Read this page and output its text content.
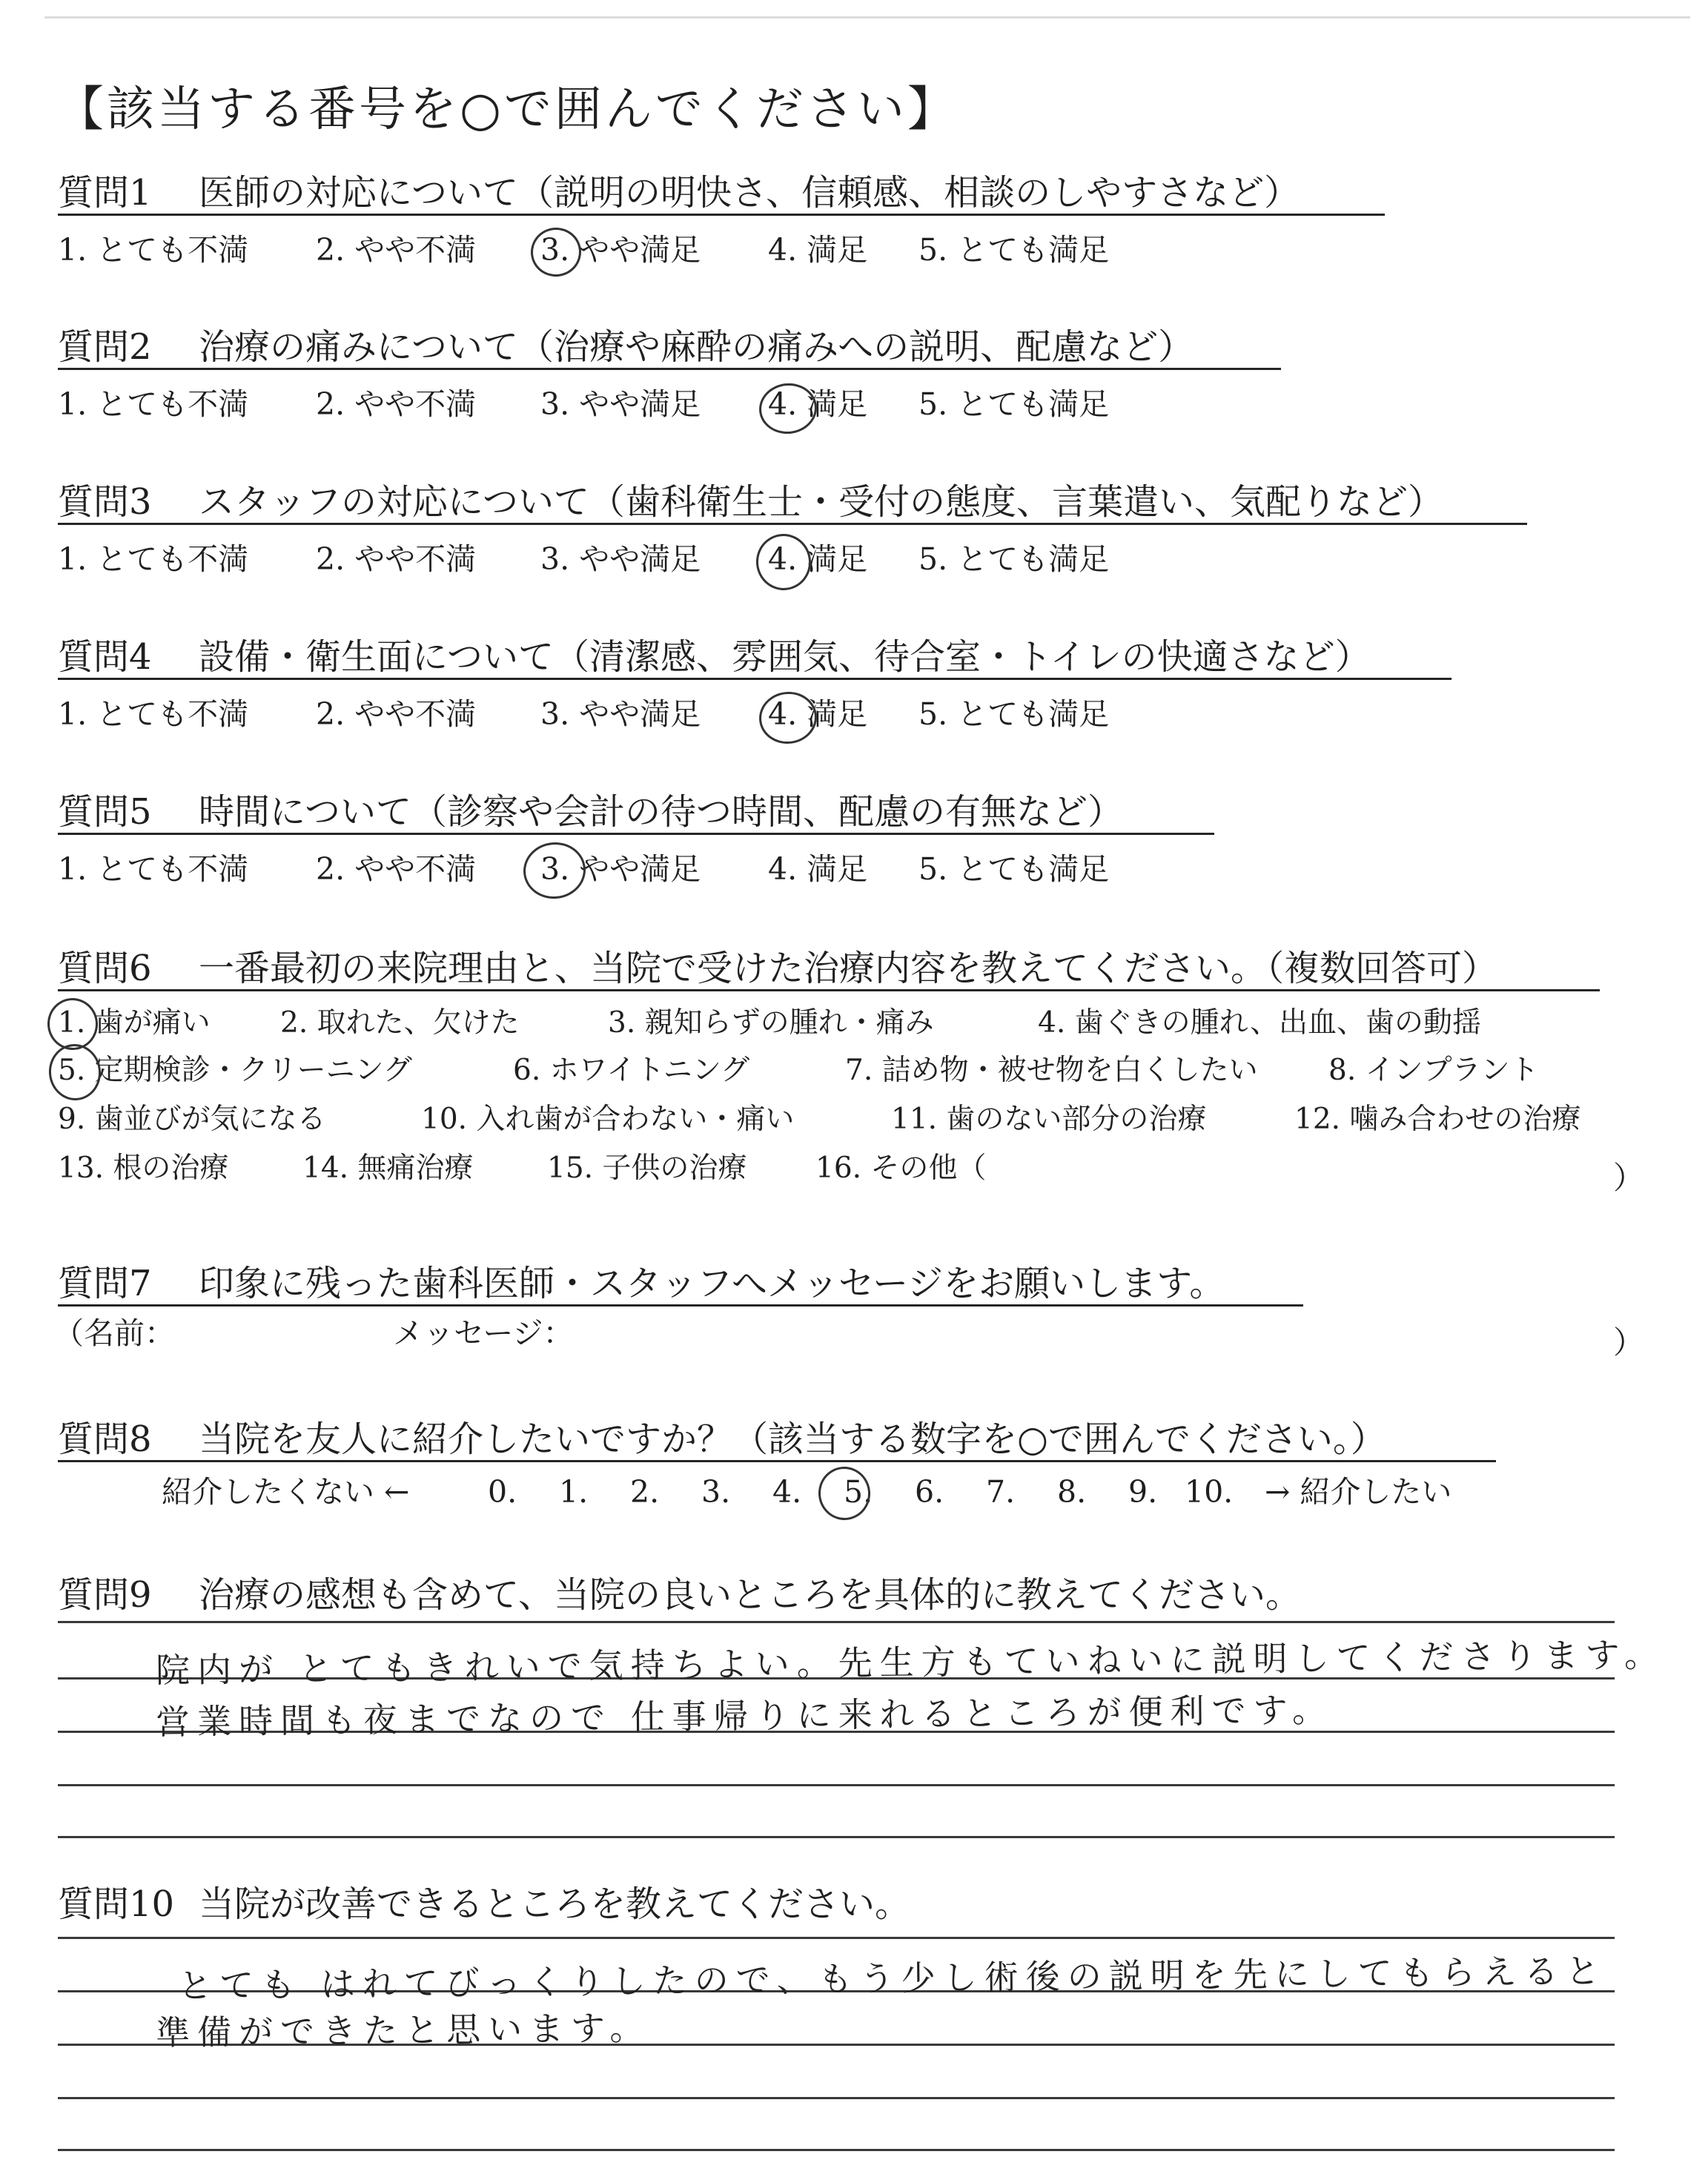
【該当する番号を○で囲んでください】
質問1 医師の対応について（説明の明快さ、信頼感、相談のしやすさなど）
1. とても不満 2. やや不満 3. やや満足 4. 満足 5. とても満足
質問2 治療の痛みについて（治療や麻酔の痛みへの説明、配慮など）
1. とても不満 2. やや不満 3. やや満足 4. 満足 5. とても満足
質問3 スタッフの対応について（歯科衛生士・受付の態度、言葉遣い、気配りなど）
1. とても不満 2. やや不満 3. やや満足 4. 満足 5. とても満足
質問4 設備・衛生面について（清潔感、雰囲気、待合室・トイレの快適さなど）
1. とても不満 2. やや不満 3. やや満足 4. 満足 5. とても満足
質問5 時間について（診察や会計の待つ時間、配慮の有無など）
1. とても不満 2. やや不満 3. やや満足 4. 満足 5. とても満足
質問6 一番最初の来院理由と、当院で受けた治療内容を教えてください。（複数回答可）
1. 歯が痛い 2. 取れた、欠けた	3. 親知らずの腫れ・痛み	4. 歯ぐきの腫れ、出血、歯の動揺
5. 定期検診・クリーニング	6. ホワイトニング	7. 詰め物・被せ物を白くしたい 8. インプラント
9. 歯並びが気になる	10. 入れ歯が合わない・痛い	11. 歯のない部分の治療	12. 噛み合わせの治療
13. 根の治療	14. 無痛治療	15. 子供の治療 16. その他（	）
質問7 印象に残った歯科医師・スタッフへメッセージをお願いします。
（名前：	メッセージ：	）
質問8 当院を友人に紹介したいですか？（該当する数字を○で囲んでください。）
紹介したくない ←	0. 1. 2. 3. 4. 5. 6. 7. 8. 9. 10. → 紹介したい
質問9 治療の感想も含めて、当院の良いところを具体的に教えてください。
院内が とてもきれいで気持ちよい。先生方もていねいに説明してくださります。
営業時間も夜までなので 仕事帰りに来れるところが便利です。
質問10 当院が改善できるところを教えてください。
とても はれてびっくりしたので、もう少し術後の説明を先にしてもらえると
準備ができたと思います。
